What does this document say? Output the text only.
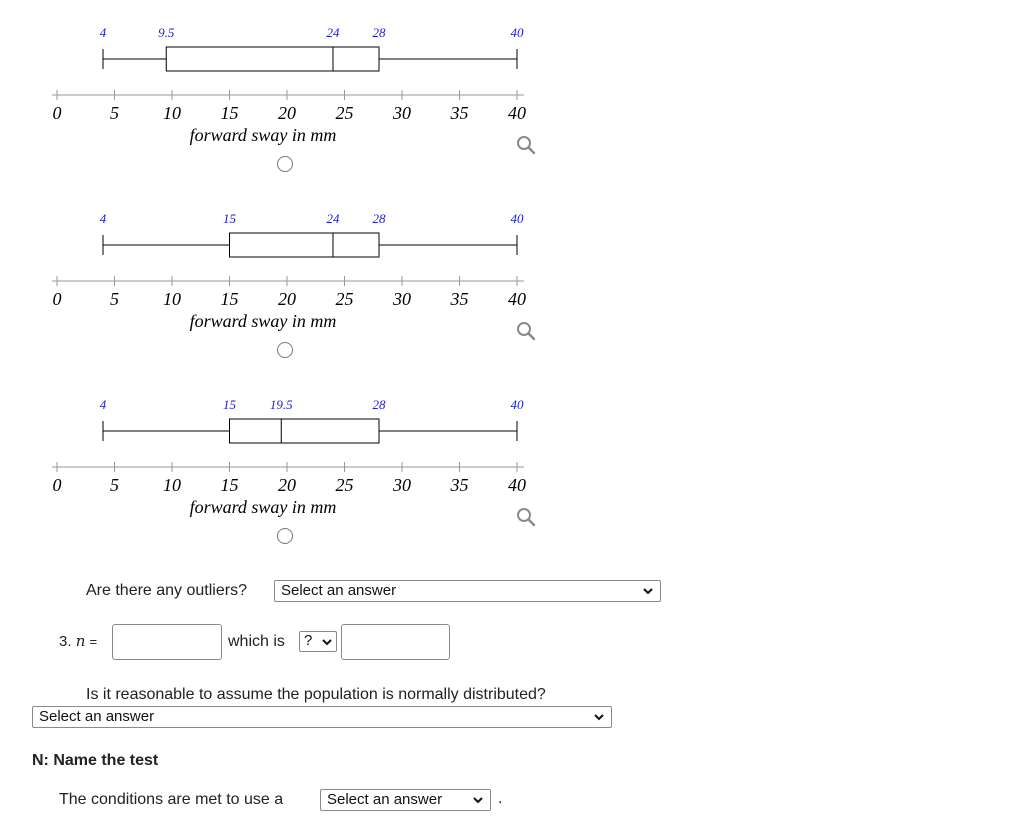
4	9.5	24	28	40
0	5 10 15 20 25 30 35 40
forward sway in mm
4	15	24	28	40
0	5 10 15 20 25 30 35 40
forward sway in mm
4	15	19.5	28	40
0	5 10 15 20 25 30 35 40
forward sway in mm
Are there any outliers?	Select an answer
3. n =	which is	?
Is it reasonable to assume the population is normally distributed?
Select an answer
N: Name the test
The conditions are met to use a	Select an answer	.
